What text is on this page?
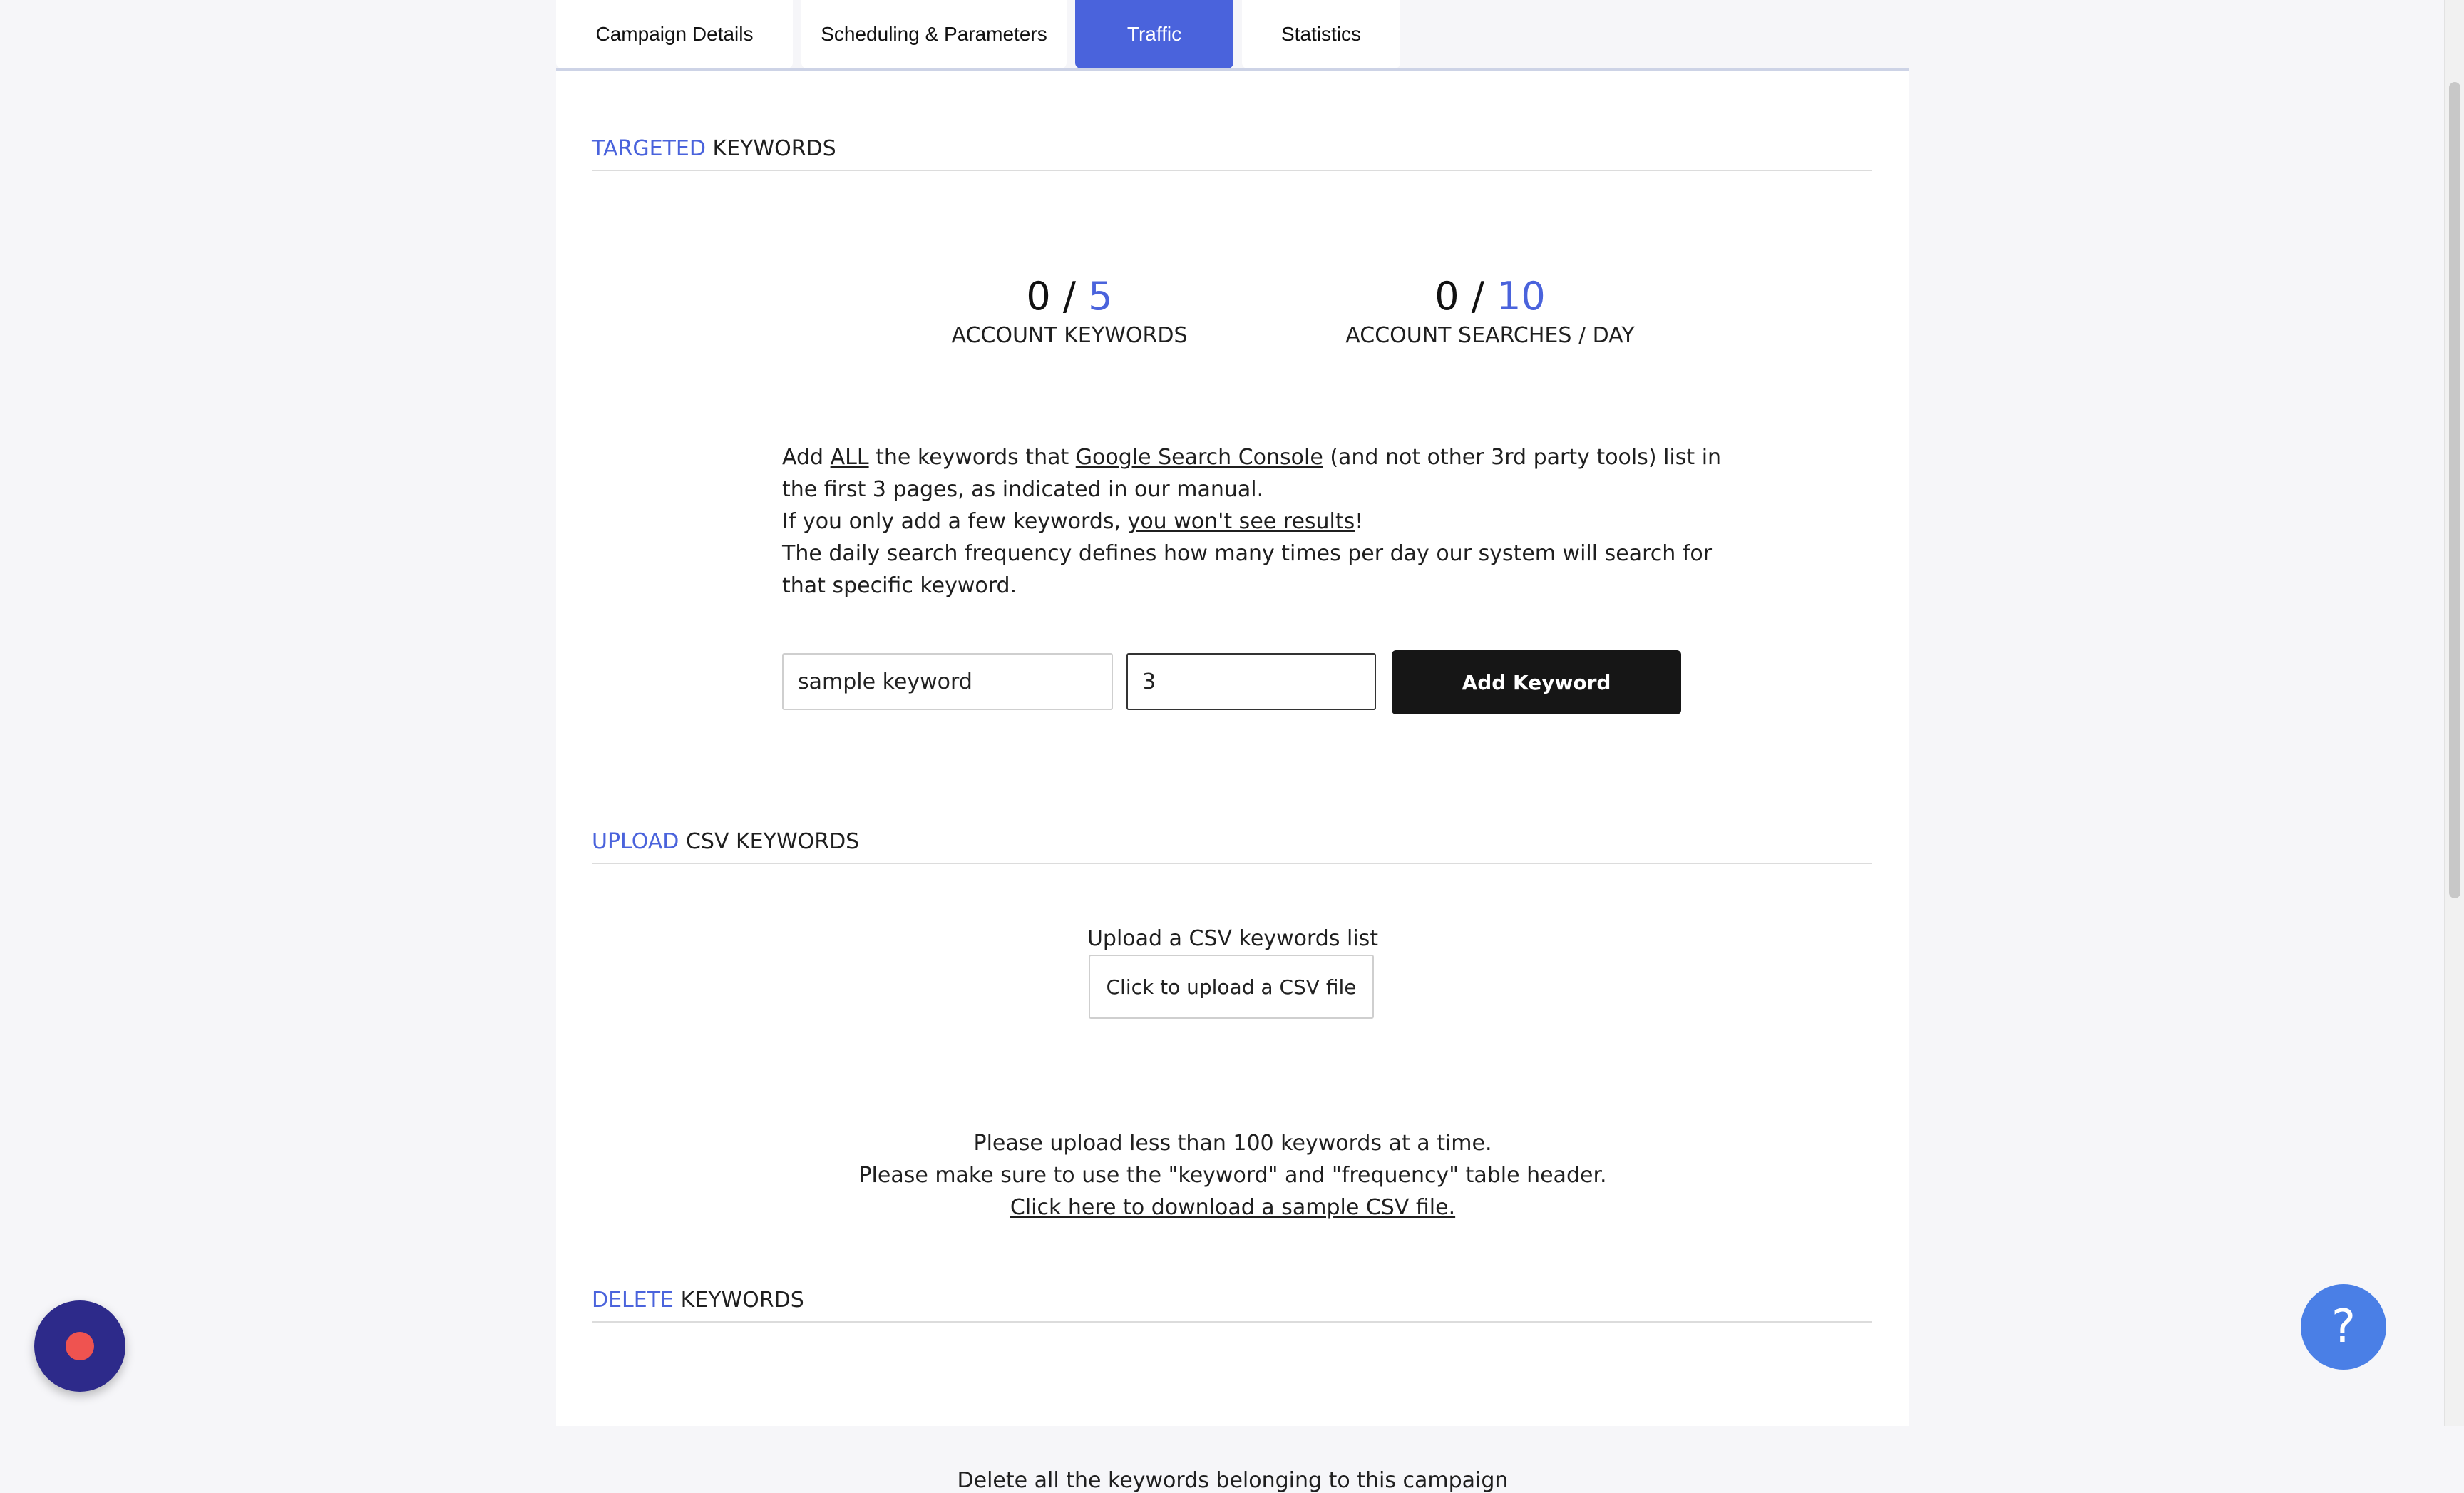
Campaign Details	Scheduling & Parameters	Traffic	Statistics
TARGETED KEYWORDS
0 / 5
ACCOUNT KEYWORDS
0 / 10
ACCOUNT SEARCHES / DAY

Add ALL the keywords that Google Search Console (and not other 3rd party tools) list in the first 3 pages, as indicated in our manual.

If you only add a few keywords, you won't see results!

The daily search frequency defines how many times per day our system will search for that specific keyword.

sample keyword
3
Add Keyword
UPLOAD CSV KEYWORDS
Upload a CSV keywords list
Click to upload a CSV file

Please upload less than 100 keywords at a time.

Please make sure to use the "keyword" and "frequency" table header.

Click here to download a sample CSV file.

DELETE KEYWORDS
Delete all the keywords belonging to this campaign
?
